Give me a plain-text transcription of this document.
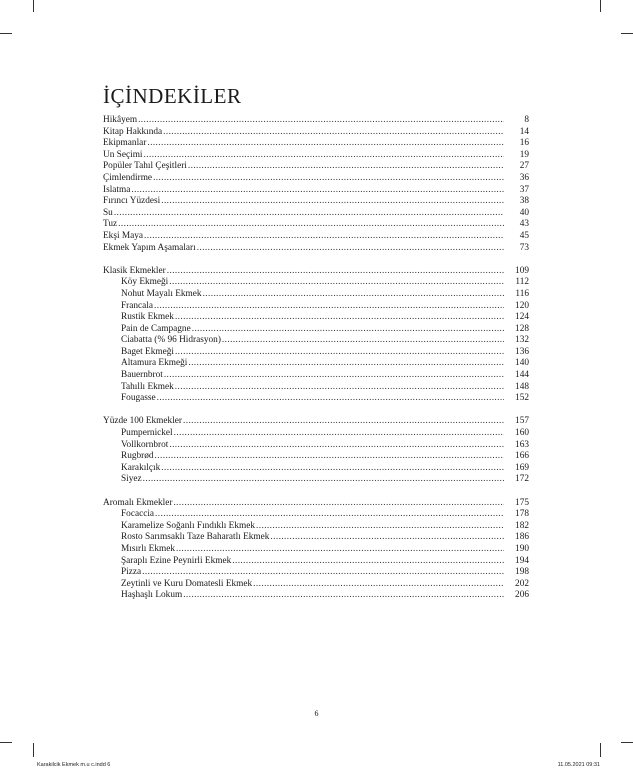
İÇİNDEKİLER
Hikâyem .....	8
Kitap Hakkında .....	14
Ekipmanlar .....	16
Un Seçimi .....	19
Popüler Tahıl Çeşitleri .....	27
Çimlendirme .....	36
Islatma .....	37
Fırıncı Yüzdesi .....	38
Su .....	40
Tuz .....	43
Ekşi Maya .....	45
Ekmek Yapım Aşamaları .....	73
Klasik Ekmekler .....	109
Köy Ekmeği .....	112
Nohut Mayalı Ekmek .....	116
Francala .....	120
Rustik Ekmek .....	124
Pain de Campagne .....	128
Ciabatta (% 96 Hidrasyon) .....	132
Baget Ekmeği .....	136
Altamura Ekmeği .....	140
Bauernbrot .....	144
Tahıllı Ekmek .....	148
Fougasse .....	152
Yüzde 100 Ekmekler .....	157
Pumpernickel .....	160
Vollkornbrot .....	163
Rugbrød .....	166
Karakılçık .....	169
Siyez .....	172
Aromalı Ekmekler .....	175
Focaccia .....	178
Karamelize Soğanlı Fındıklı Ekmek .....	182
Rosto Sarımsaklı Taze Baharatlı Ekmek .....	186
Mısırlı Ekmek .....	190
Şaraplı Ezine Peynirli Ekmek .....	194
Pizza .....	198
Zeytinli ve Kuru Domatesli Ekmek .....	202
Haşhaşlı Lokum .....	206
6
Karakilcik Ekmek m.u c.indd 6	11.05.2021 09:31
